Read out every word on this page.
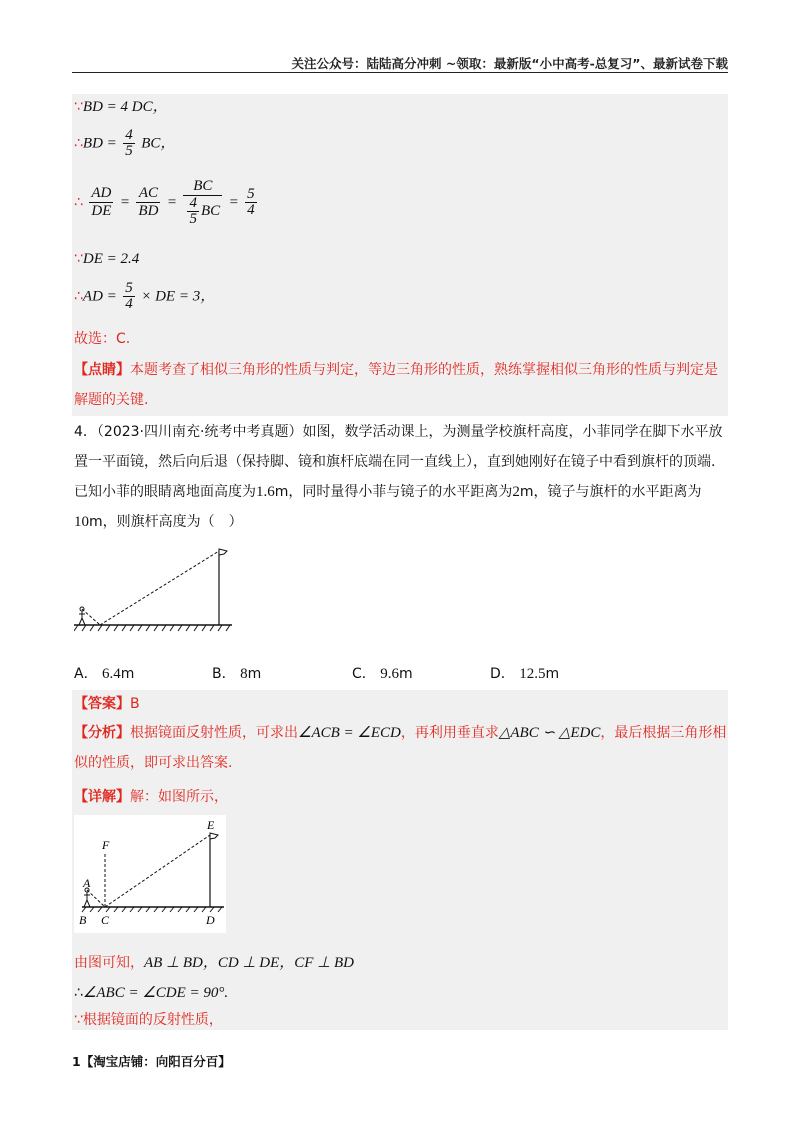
关注公众号：陆陆高分冲刺 ~领取：最新版“小中高考-总复习”、最新试卷下载
∵BD = 4 DC，
∴BD = $\frac{4}{5}$ BC，
∴ $\frac{AD}{DE} = \frac{AC}{BD} = \frac{BC}{\frac{4}{5} BC} = \frac{5}{4}$
∵DE = 2.4
∴AD = $\frac{5}{4}$ × DE = 3，
故选：C.
【点睛】本题考查了相似三角形的性质与判定，等边三角形的性质，熟练掌握相似三角形的性质与判定是解题的关键.
4．（2023·四川南充·统考中考真题）如图，数学活动课上，为测量学校旗杆高度，小菲同学在脚下水平放置一平面镜，然后向后退（保持脚、镜和旗杆底端在同一直线上），直到她刚好在镜子中看到旗杆的顶端. 已知小菲的眼睛离地面高度为1.6m，同时量得小菲与镜子的水平距离为2m，镜子与旗杆的水平距离为10m，则旗杆高度为（　）
A． 6.4m	B． 8m	C． 9.6m	D． 12.5m
【答案】B
【分析】根据镜面反射性质，可求出∠ACB = ∠ECD，再利用垂直求△ABC ∽ △EDC，最后根据三角形相似的性质，即可求出答案.
【详解】解：如图所示，
E
F
A
B C	D
由图可知，AB ⊥ BD，CD ⊥ DE，CF ⊥ BD
∴∠ABC = ∠CDE = 90°.
∵根据镜面的反射性质，
1【淘宝店铺：向阳百分百】
